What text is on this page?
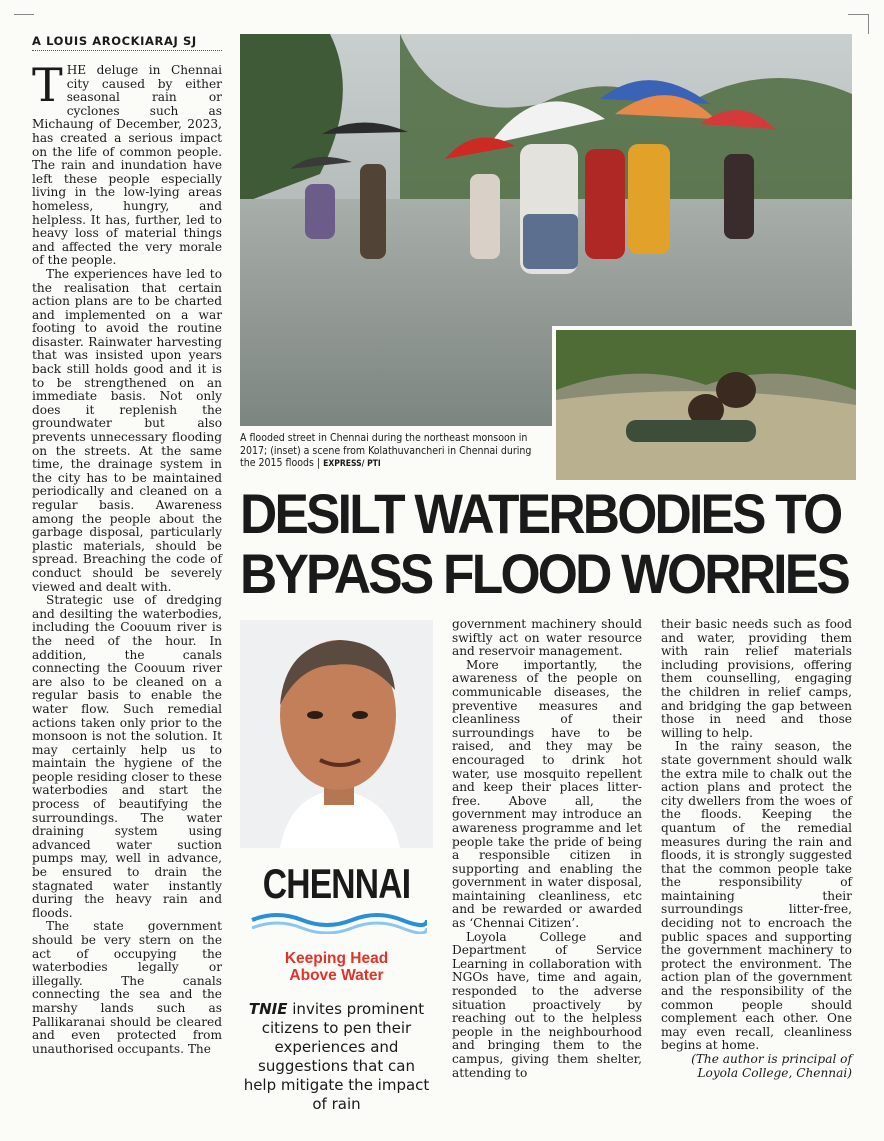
A LOUIS AROCKIARAJ SJ

THE deluge in Chennai city caused by either seasonal rain or cyclones such as Michaung of December, 2023, has created a serious impact on the life of common people. The rain and inundation have left these people especially living in the low-lying areas homeless, hungry, and helpless. It has, further, led to heavy loss of material things and affected the very morale of the people.

The experiences have led to the realisation that certain action plans are to be charted and implemented on a war footing to avoid the routine disaster. Rainwater harvesting that was insisted upon years back still holds good and it is to be strengthened on an immediate basis. Not only does it replenish the groundwater but also prevents unnecessary flooding on the streets. At the same time, the drainage system in the city has to be maintained periodically and cleaned on a regular basis. Awareness among the people about the garbage disposal, particularly plastic materials, should be spread. Breaching the code of conduct should be severely viewed and dealt with.

Strategic use of dredging and desilting the waterbodies, including the Coouum river is the need of the hour. In addition, the canals connecting the Coouum river are also to be cleaned on a regular basis to enable the water flow. Such remedial actions taken only prior to the monsoon is not the solution. It may certainly help us to maintain the hygiene of the people residing closer to these waterbodies and start the process of beautifying the surroundings. The water draining system using advanced water suction pumps may, well in advance, be ensured to drain the stagnated water instantly during the heavy rain and floods.

The state government should be very stern on the act of occupying the waterbodies legally or illegally. The canals connecting the sea and the marshy lands such as Pallikaranai should be cleared and even protected from unauthorised occupants. The

A flooded street in Chennai during the northeast monsoon in 2017; (inset) a scene from Kolathuvancheri in Chennai during the 2015 floods | EXPRESS/ PTI
DESILT WATERBODIES TO
BYPASS FLOOD WORRIES
CHENNAI
Keeping Head
Above Water
TNIE invites prominent citizens to pen their experiences and suggestions that can help mitigate the impact of rain

government machinery should swiftly act on water resource and reservoir management.

More importantly, the awareness of the people on communicable diseases, the preventive measures and cleanliness of their surroundings have to be raised, and they may be encouraged to drink hot water, use mosquito repellent and keep their places litter-free. Above all, the government may introduce an awareness programme and let people take the pride of being a responsible citizen in supporting and enabling the government in water disposal, maintaining cleanliness, etc and be rewarded or awarded as ‘Chennai Citizen’.

Loyola College and Department of Service Learning in collaboration with NGOs have, time and again, responded to the adverse situation proactively by reaching out to the helpless people in the neighbourhood and bringing them to the campus, giving them shelter, attending to

their basic needs such as food and water, providing them with rain relief materials including provisions, offering them counselling, engaging the children in relief camps, and bridging the gap between those in need and those willing to help.

In the rainy season, the state government should walk the extra mile to chalk out the action plans and protect the city dwellers from the woes of the floods. Keeping the quantum of the remedial measures during the rain and floods, it is strongly suggested that the common people take the responsibility of maintaining their surroundings litter-free, deciding not to encroach the public spaces and supporting the government machinery to protect the environment. The action plan of the government and the responsibility of the common people should complement each other. One may even recall, cleanliness begins at home.

(The author is principal of
Loyola College, Chennai)
